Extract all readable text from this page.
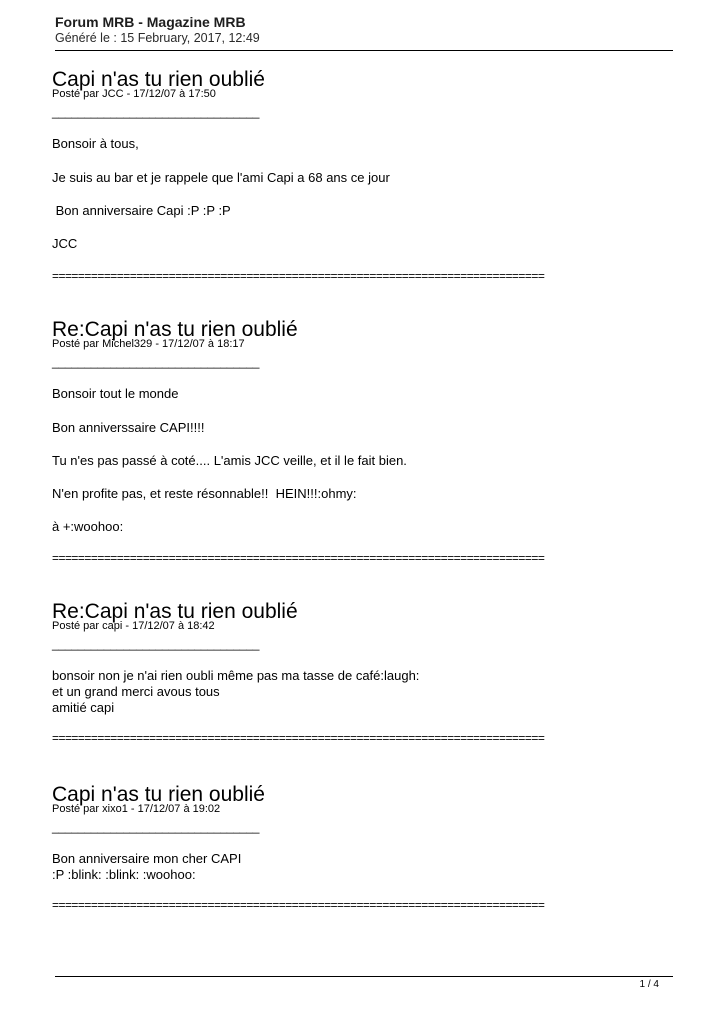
Forum MRB - Magazine MRB

Généré le : 15 February, 2017, 12:49

Capi n'as tu rien oublié

Posté par JCC - 17/12/07 à 17:50

________________________________

Bonsoir à tous,

Je suis au bar et je rappele que l'ami Capi a 68 ans ce jour

Bon anniversaire Capi :P :P :P

JCC

============================================================================

Re:Capi n'as tu rien oublié

Posté par Michel329 - 17/12/07 à 18:17

________________________________

Bonsoir tout le monde

Bon anniverssaire CAPI!!!!

Tu n'es pas passé à coté.... L'amis JCC veille, et il le fait bien.

N'en profite pas, et reste résonnable!!  HEIN!!!:ohmy:

à +:woohoo:

============================================================================

Re:Capi n'as tu rien oublié

Posté par capi - 17/12/07 à 18:42

________________________________

bonsoir non je n'ai rien oubli même pas ma tasse de café:laugh:

et un grand merci avous tous

amitié capi

============================================================================

Capi n'as tu rien oublié

Posté par xixo1 - 17/12/07 à 19:02

________________________________

Bon anniversaire mon cher CAPI

:P :blink: :blink: :woohoo:

============================================================================

1 / 4
